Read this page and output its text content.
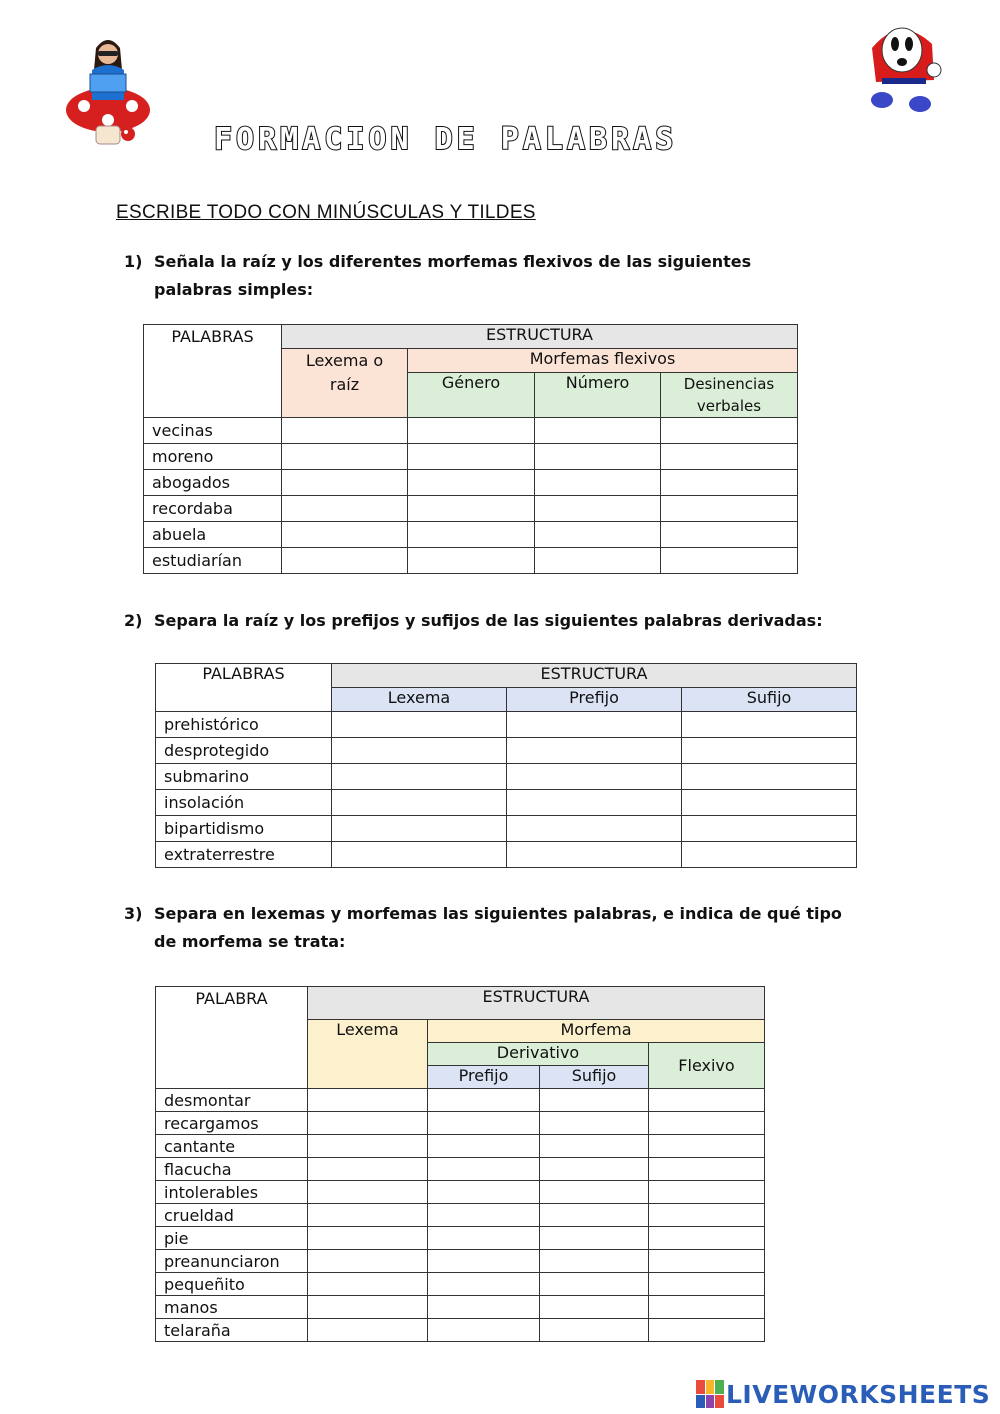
FORMACION DE PALABRAS
ESCRIBE TODO CON MINÚSCULAS Y TILDES
1) Señala la raíz y los diferentes morfemas flexivos de las siguientes palabras simples:
PALABRAS	ESTRUCTURA			
	Lexema o raíz	Morfemas flexivos		
		Género	Número	Desinencias verbales
vecinas				
moreno				
abogados				
recordaba				
abuela				
estudiarían				
2) Separa la raíz y los prefijos y sufijos de las siguientes palabras derivadas:
PALABRAS	ESTRUCTURA		
	Lexema	Prefijo	Sufijo
prehistórico			
desprotegido			
submarino			
insolación			
bipartidismo			
extraterrestre			
3) Separa en lexemas y morfemas las siguientes palabras, e indica de qué tipo de morfema se trata:
PALABRA	ESTRUCTURA			
	Lexema	Morfema		
		Derivativo		Flexivo
		Prefijo	Sufijo	
desmontar				
recargamos				
cantante				
flacucha				
intolerables				
crueldad				
pie				
preanunciaron				
pequeñito				
manos				
telaraña				
LIVEWORKSHEETS
